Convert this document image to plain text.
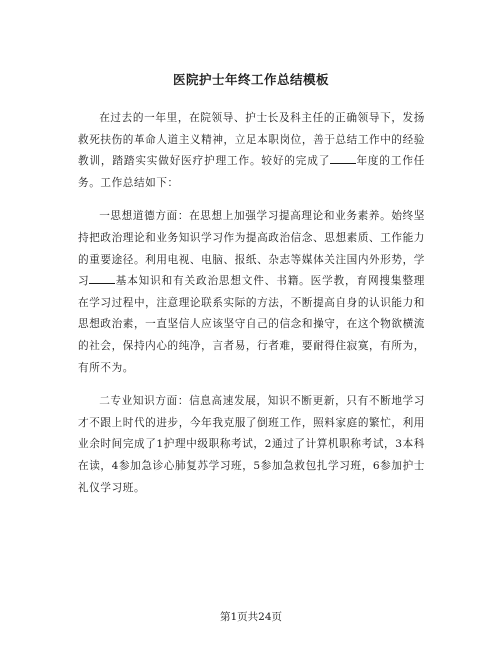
医院护士年终工作总结模板

在过去的一年里，在院领导、护士长及科主任的正确领导下，发扬救死扶伤的革命人道主义精神，立足本职岗位，善于总结工作中的经验教训，踏踏实实做好医疗护理工作。较好的完成了 年度的工作任务。工作总结如下：

一思想道德方面：在思想上加强学习提高理论和业务素养。始终坚持把政治理论和业务知识学习作为提高政治信念、思想素质、工作能力的重要途径。利用电视、电脑、报纸、杂志等媒体关注国内外形势，学习 基本知识和有关政治思想文件、书籍。医学教，育网搜集整理在学习过程中，注意理论联系实际的方法，不断提高自身的认识能力和思想政治素，一直坚信人应该坚守自己的信念和操守，在这个物欲横流的社会，保持内心的纯净，言者易，行者难，要耐得住寂寞，有所为，有所不为。

二专业知识方面：信息高速发展，知识不断更新，只有不断地学习才不跟上时代的进步，今年我克服了倒班工作，照料家庭的繁忙，利用业余时间完成了1护理中级职称考试，2通过了计算机职称考试，3本科在读，4参加急诊心肺复苏学习班，5参加急救包扎学习班，6参加护士礼仪学习班。

第1页共24页
